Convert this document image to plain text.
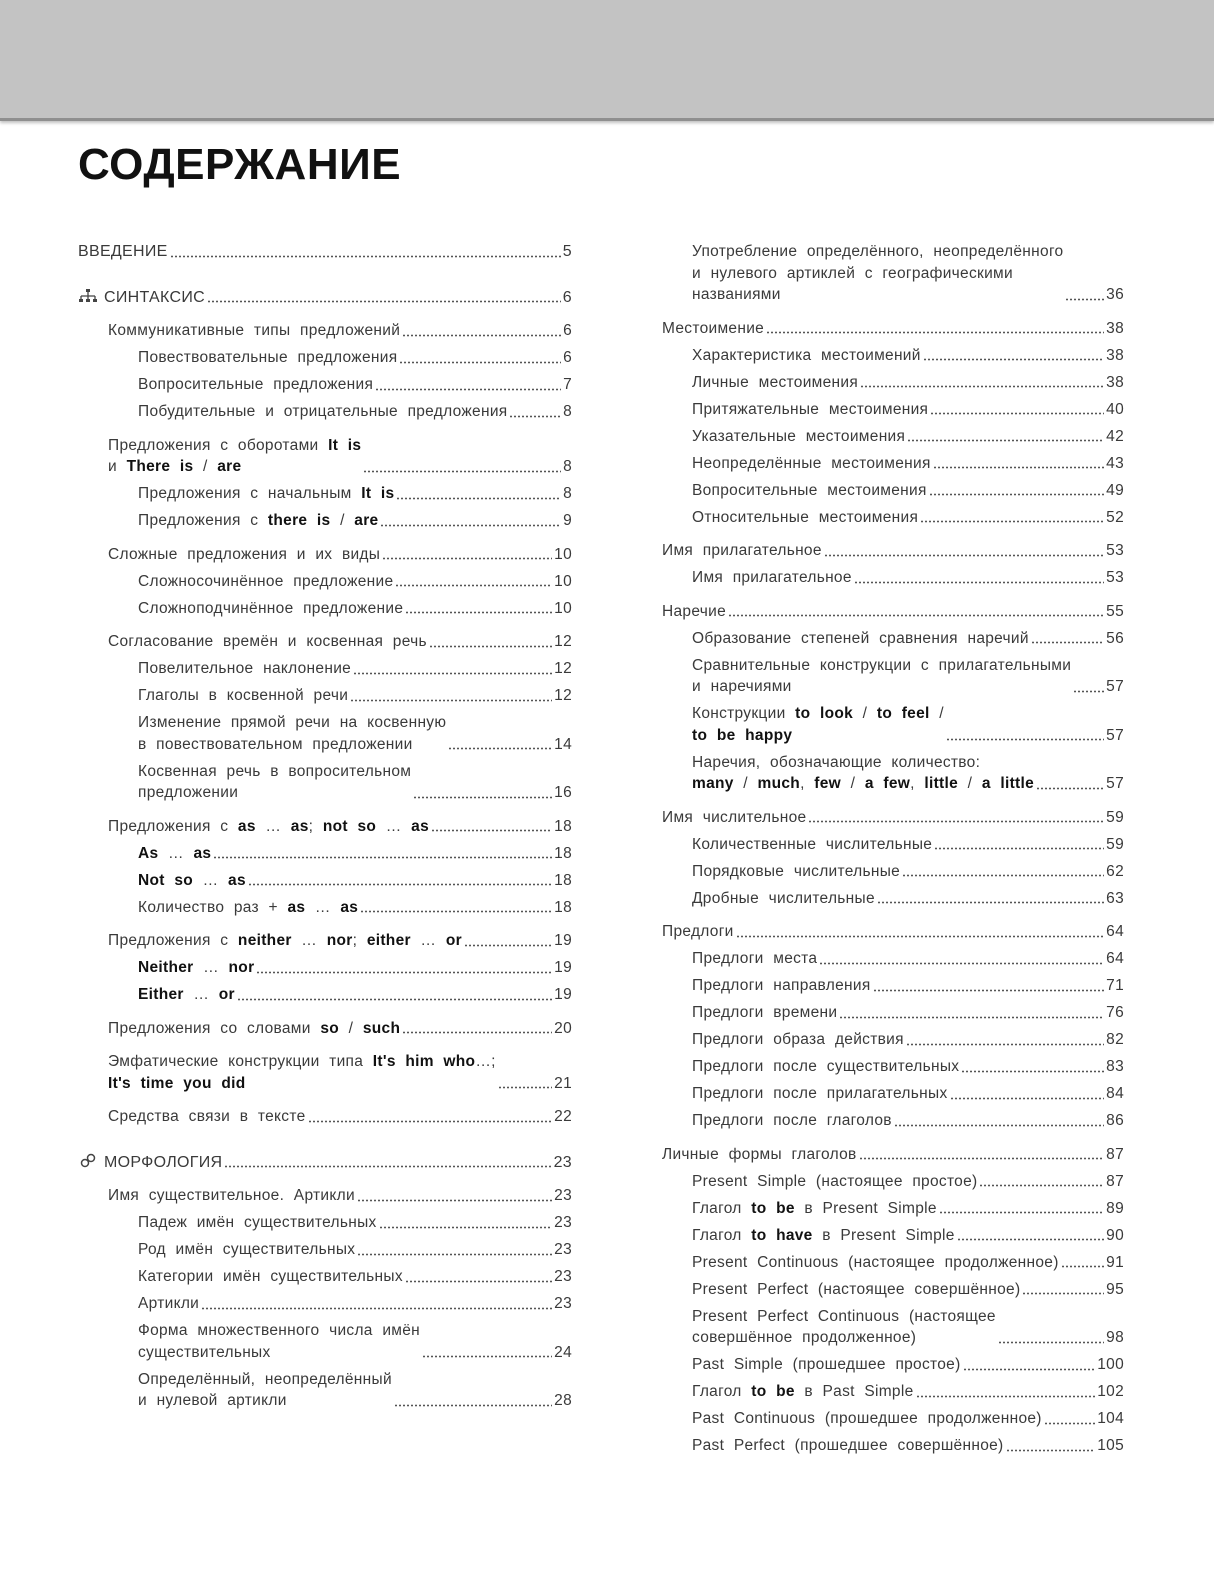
СОДЕРЖАНИЕ
ВВЕДЕНИЕ	5
СИНТАКСИС	6
Коммуникативные типы предложений	6
Повествовательные предложения	6
Вопросительные предложения	7
Побудительные и отрицательные предложения	8
Предложения с оборотами It is
и There is / are	8
Предложения с начальным It is	8
Предложения с there is / are	9
Сложные предложения и их виды	10
Сложносочинённое предложение	10
Сложноподчинённое предложение	10
Согласование времён и косвенная речь	12
Повелительное наклонение	12
Глаголы в косвенной речи	12
Изменение прямой речи на косвенную
в повествовательном предложении	14
Косвенная речь в вопросительном
предложении	16
Предложения с as … as; not so … as	18
As … as	18
Not so … as	18
Количество раз + as … as	18
Предложения с neither … nor; either … or	19
Neither … nor	19
Either … or	19
Предложения со словами so / such	20
Эмфатические конструкции типа It's him who…;
It's time you did	21
Средства связи в тексте	22
МОРФОЛОГИЯ	23
Имя существительное. Артикли	23
Падеж имён существительных	23
Род имён существительных	23
Категории имён существительных	23
Артикли	23
Форма множественного числа имён
существительных	24
Определённый, неопределённый
и нулевой артикли	28
Употребление определённого, неопределённого
и нулевого артиклей с географическими
названиями	36
Местоимение	38
Характеристика местоимений	38
Личные местоимения	38
Притяжательные местоимения	40
Указательные местоимения	42
Неопределённые местоимения	43
Вопросительные местоимения	49
Относительные местоимения	52
Имя прилагательное	53
Имя прилагательное	53
Наречие	55
Образование степеней сравнения наречий	56
Сравнительные конструкции с прилагательными
и наречиями	57
Конструкции to look / to feel /
to be happy	57
Наречия, обозначающие количество:
many / much, few / a few, little / a little	57
Имя числительное	59
Количественные числительные	59
Порядковые числительные	62
Дробные числительные	63
Предлоги	64
Предлоги места	64
Предлоги направления	71
Предлоги времени	76
Предлоги образа действия	82
Предлоги после существительных	83
Предлоги после прилагательных	84
Предлоги после глаголов	86
Личные формы глаголов	87
Present Simple (настоящее простое)	87
Глагол to be в Present Simple	89
Глагол to have в Present Simple	90
Present Continuous (настоящее продолженное)	91
Present Perfect (настоящее совершённое)	95
Present Perfect Continuous (настоящее
совершённое продолженное)	98
Past Simple (прошедшее простое)	100
Глагол to be в Past Simple	102
Past Continuous (прошедшее продолженное)	104
Past Perfect (прошедшее совершённое)	105
